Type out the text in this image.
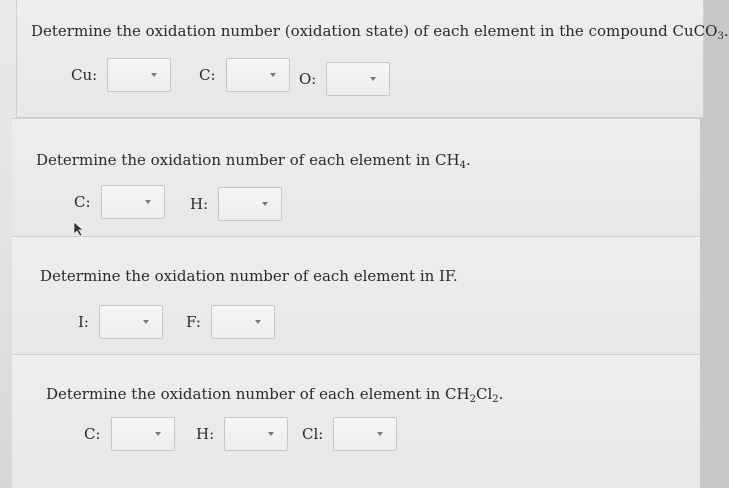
Determine the oxidation number (oxidation state) of each element in the compound CuCO$_3$.
Cu:	C:	O:
Determine the oxidation number of each element in $CH_4$.
C:	H:
Determine the oxidation number of each element in IF.
I:	F:
Determine the oxidation number of each element in $CH_2Cl_2$.
C:	H:	Cl:
